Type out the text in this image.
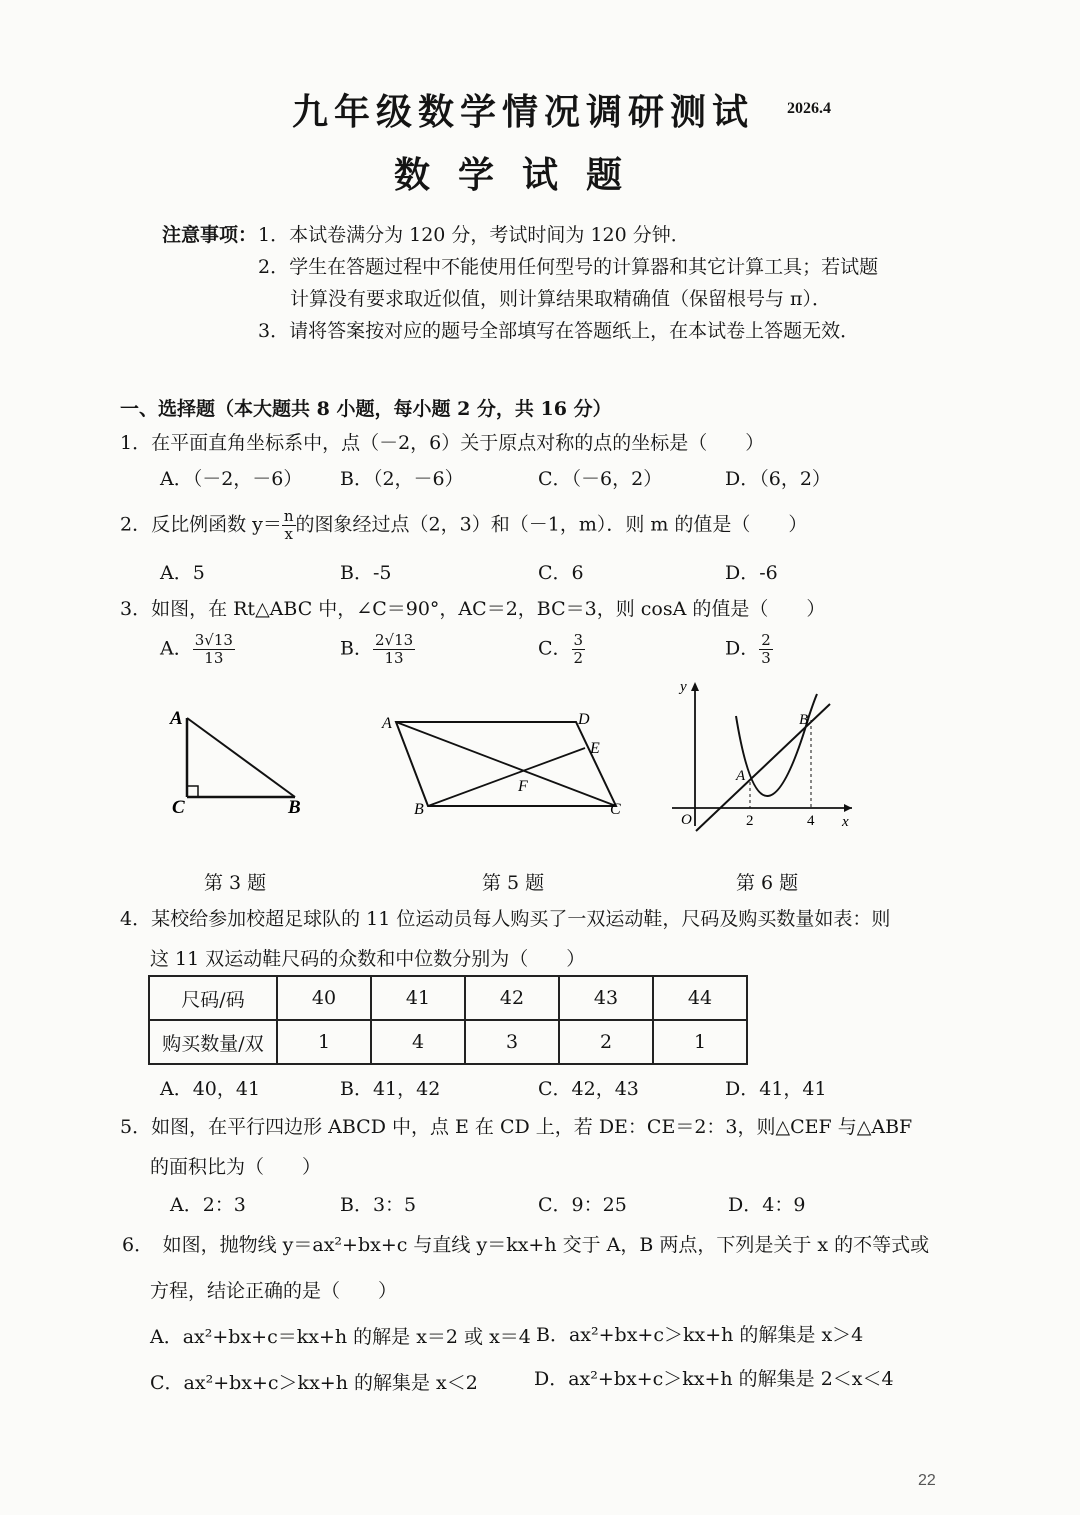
九年级数学情况调研测试 2026.4
数学试题
注意事项： 1．本试卷满分为 120 分，考试时间为 120 分钟．
2．学生在答题过程中不能使用任何型号的计算器和其它计算工具；若试题
计算没有要求取近似值，则计算结果取精确值（保留根号与 π）．
3．请将答案按对应的题号全部填写在答题纸上，在本试卷上答题无效．
一、选择题（本大题共 8 小题，每小题 2 分，共 16 分）
1．在平面直角坐标系中，点（－2，6）关于原点对称的点的坐标是（　　）
A．（－2，－6） B．（2，－6）	C．（－6，2）	D．（6，2）
2．反比例函数 $y= \frac{n}{x}$ 的图象经过点（2，3）和（－1，m）．则 m 的值是（　　）
A．5	B．-5	C．6	D．-6
3．如图，在 Rt△ABC 中，∠C＝90°，AC＝2，BC＝3，则 cosA 的值是（　　）
A． $\frac{3√13}{13}$	B． $\frac{2√13}{13}$	C． $\frac{3}{2}$	D． $\frac{2}{3}$
A
C	B
第 3 题
A	D
E
F
B	C
第 5 题
y
x
O
A
B
2	4
第 6 题
4．某校给参加校超足球队的 11 位运动员每人购买了一双运动鞋，尺码及购买数量如表：则
这 11 双运动鞋尺码的众数和中位数分别为（　　）
尺码/码	40	41	42	43	44
购买数量/双	1	4	3	2	1
A．40，41	B．41，42	C．42，43	D．41，41
5．如图，在平行四边形 ABCD 中，点 E 在 CD 上，若 DE：CE＝2：3，则△CEF 与△ABF
的面积比为（　　）
A．2：3	B．3：5	C．9：25	D．4：9
6．　如图，抛物线 y＝ax²+bx+c 与直线 y＝kx+h 交于 A，B 两点，下列是关于 x 的不等式或
方程，结论正确的是（　　）
A．ax²+bx+c＝kx+h 的解是 x＝2 或 x＝4 B．ax²+bx+c＞kx+h 的解集是 x＞4
C．ax²+bx+c＞kx+h 的解集是 x＜2	D．ax²+bx+c＞kx+h 的解集是 2＜x＜4
22
